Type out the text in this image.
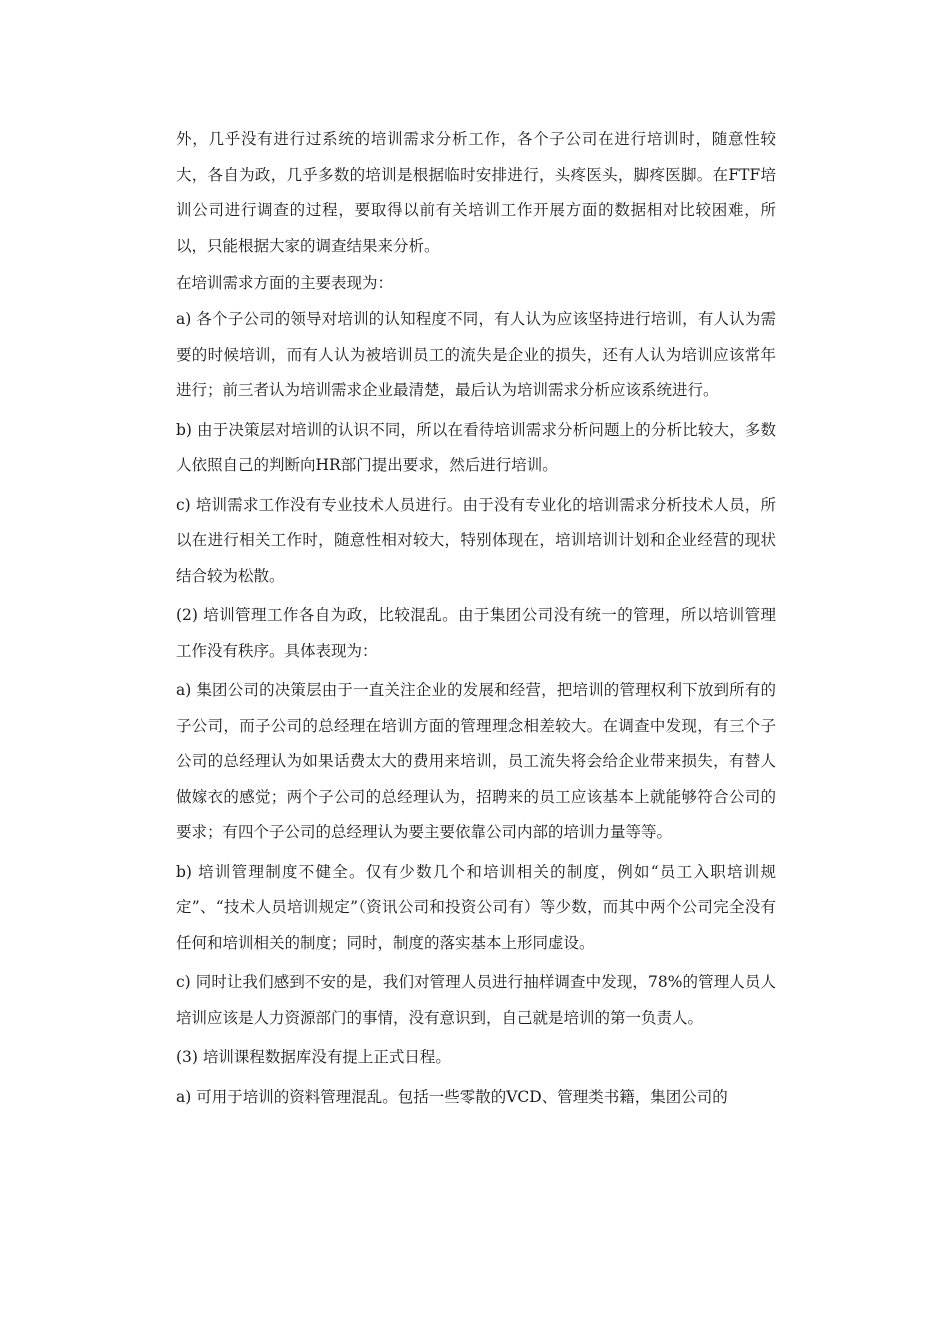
外，几乎没有进行过系统的培训需求分析工作，各个子公司在进行培训时，随意性较大，各自为政，几乎多数的培训是根据临时安排进行，头疼医头，脚疼医脚。在FTF培训公司进行调查的过程，要取得以前有关培训工作开展方面的数据相对比较困难，所以，只能根据大家的调查结果来分析。

在培训需求方面的主要表现为：

a) 各个子公司的领导对培训的认知程度不同，有人认为应该坚持进行培训，有人认为需要的时候培训，而有人认为被培训员工的流失是企业的损失，还有人认为培训应该常年进行；前三者认为培训需求企业最清楚，最后认为培训需求分析应该系统进行。

b) 由于决策层对培训的认识不同，所以在看待培训需求分析问题上的分析比较大，多数人依照自己的判断向HR部门提出要求，然后进行培训。

c) 培训需求工作没有专业技术人员进行。由于没有专业化的培训需求分析技术人员，所以在进行相关工作时，随意性相对较大，特别体现在，培训培训计划和企业经营的现状结合较为松散。

(2) 培训管理工作各自为政，比较混乱。由于集团公司没有统一的管理，所以培训管理工作没有秩序。具体表现为：

a) 集团公司的决策层由于一直关注企业的发展和经营，把培训的管理权利下放到所有的子公司，而子公司的总经理在培训方面的管理理念相差较大。在调查中发现，有三个子公司的总经理认为如果话费太大的费用来培训，员工流失将会给企业带来损失，有替人做嫁衣的感觉；两个子公司的总经理认为，招聘来的员工应该基本上就能够符合公司的要求；有四个子公司的总经理认为要主要依靠公司内部的培训力量等等。

b) 培训管理制度不健全。仅有少数几个和培训相关的制度，例如“员工入职培训规定”、“技术人员培训规定”（资讯公司和投资公司有）等少数，而其中两个公司完全没有任何和培训相关的制度；同时，制度的落实基本上形同虚设。

c) 同时让我们感到不安的是，我们对管理人员进行抽样调查中发现，78%的管理人员人培训应该是人力资源部门的事情，没有意识到，自己就是培训的第一负责人。

(3) 培训课程数据库没有提上正式日程。

a) 可用于培训的资料管理混乱。包括一些零散的VCD、管理类书籍，集团公司的
